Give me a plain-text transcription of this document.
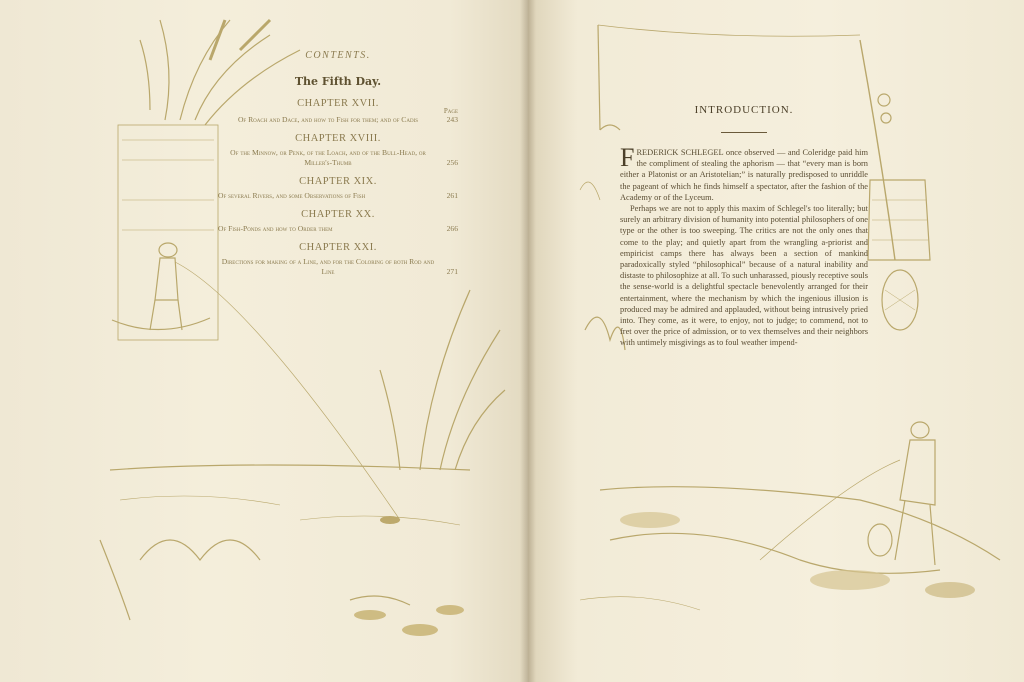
CONTENTS.

The Fifth Day.

CHAPTER XVII.

Page

Of Roach and Dace, and how to Fish for them; and of Cadis	243

CHAPTER XVIII.

Of the Minnow, or Penk, of the Loach, and of the Bull-Head, or Miller's-Thumb	256

CHAPTER XIX.

Of several Rivers, and some Observations of Fish	261

CHAPTER XX.

Of Fish-Ponds and how to Order them	266

CHAPTER XXI.

Directions for making of a Line, and for the Coloring of both Rod and Line	271

INTRODUCTION.

FREDERICK SCHLEGEL once observed — and Coleridge paid him the compliment of stealing the aphorism — that “every man is born either a Platonist or an Aristotelian;” is naturally predisposed to unriddle the pageant of which he finds himself a spectator, after the fashion of the Academy or of the Lyceum.

Perhaps we are not to apply this maxim of Schlegel's too literally; but surely an arbitrary division of humanity into potential philosophers of one type or the other is too sweeping. The critics are not the only ones that come to the play; and quietly apart from the wrangling a-priorist and empiricist camps there has always been a section of mankind paradoxically styled “philosophical” because of a natural inability and distaste to philosophize at all. To such unharassed, piously receptive souls the sense-world is a delightful spectacle benevolently arranged for their entertainment, where the mechanism by which the ingenious illusion is produced may be admired and applauded, without being intrusively pried into. They come, as it were, to enjoy, not to judge; to commend, not to fret over the price of admission, or to vex themselves and their neighbors with untimely misgivings as to foul weather impend-
